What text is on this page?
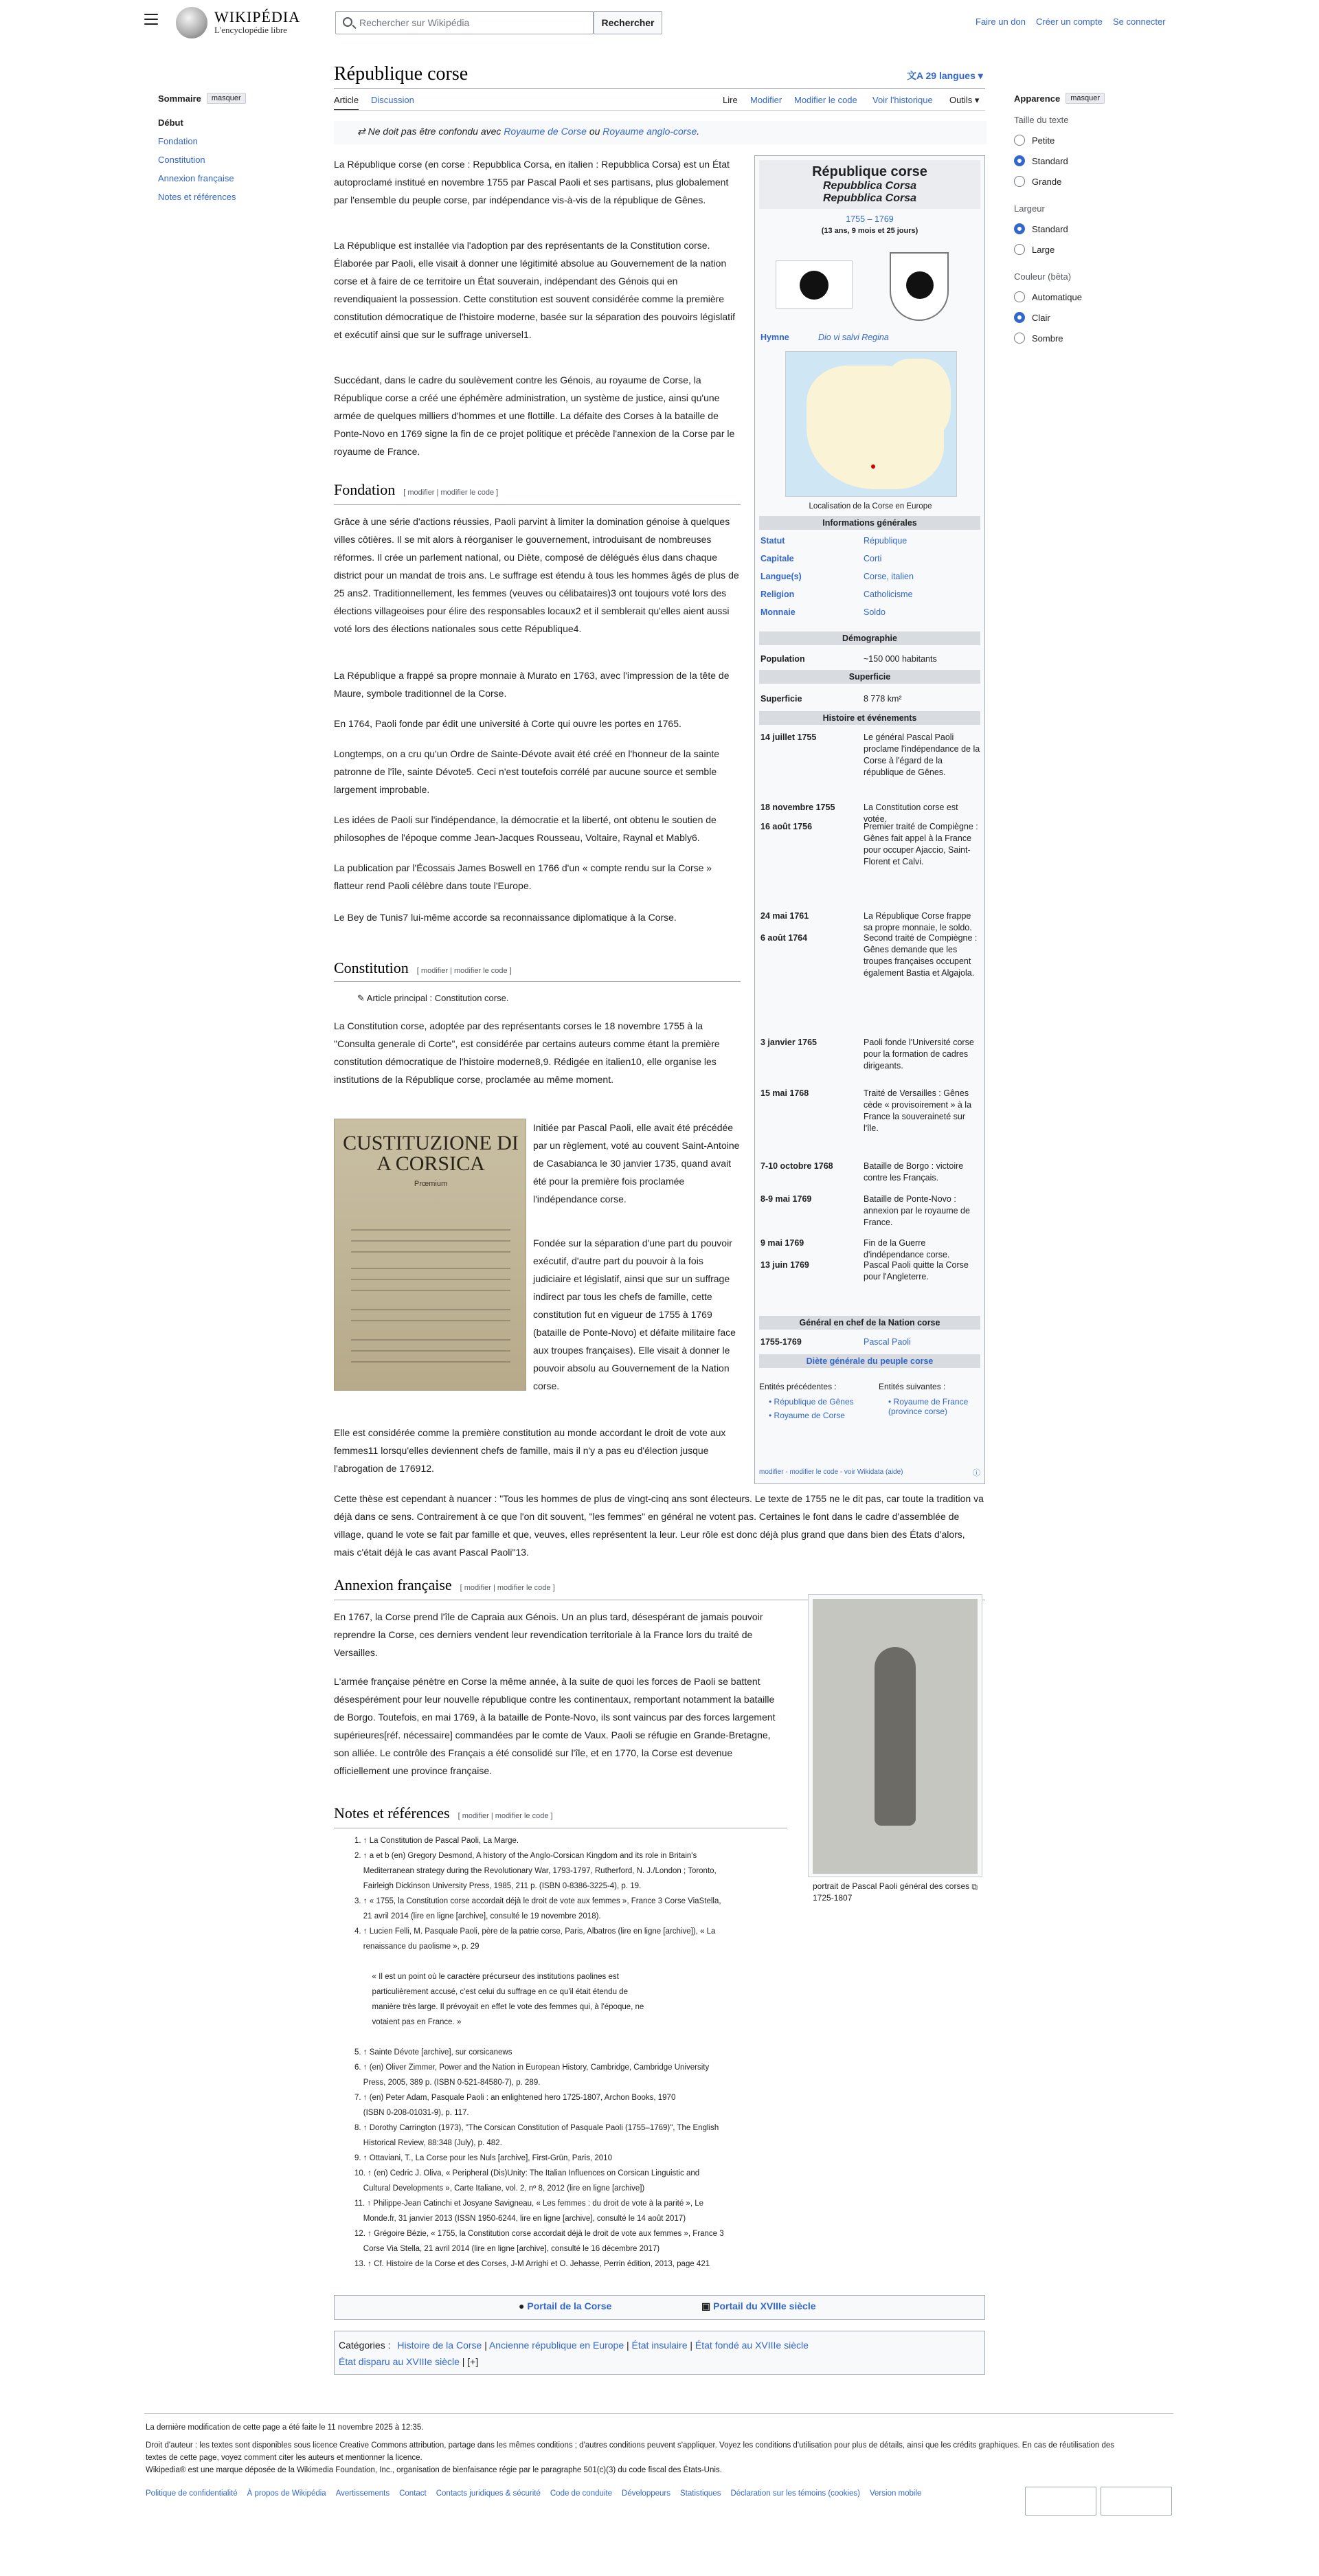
WIKIPÉDIA
L'encyclopédie libre
Rechercher sur Wikipédia	Rechercher	Faire un don Créer un compte Se connecter
Sommaire	masquer
Début
Fondation
Constitution
Annexion française
Notes et références
Apparence	masquer
Taille du texte
Petite
Standard
Grande
Largeur
Standard
Large
Couleur (bêta)
Automatique
Clair
Sombre
République corse	文A 29 langues ▾
Article Discussion	Lire Modifier Modifier le code Voir l'historique Outils ▾
⇄ Ne doit pas être confondu avec Royaume de Corse ou Royaume anglo-corse.
La République corse (en corse : Repubblica Corsa, en italien : Repubblica Corsa) est un État autoproclamé institué en novembre 1755 par Pascal Paoli et ses partisans, plus globalement par l'ensemble du peuple corse, par indépendance vis-à-vis de la république de Gênes.
La République est installée via l'adoption par des représentants de la Constitution corse. Élaborée par Paoli, elle visait à donner une légitimité absolue au Gouvernement de la nation corse et à faire de ce territoire un État souverain, indépendant des Génois qui en revendiquaient la possession. Cette constitution est souvent considérée comme la première constitution démocratique de l'histoire moderne, basée sur la séparation des pouvoirs législatif et exécutif ainsi que sur le suffrage universel1.
Succédant, dans le cadre du soulèvement contre les Génois, au royaume de Corse, la République corse a créé une éphémère administration, un système de justice, ainsi qu'une armée de quelques milliers d'hommes et une flottille. La défaite des Corses à la bataille de Ponte-Novo en 1769 signe la fin de ce projet politique et précède l'annexion de la Corse par le royaume de France.
Fondation [ modifier | modifier le code ]
Grâce à une série d'actions réussies, Paoli parvint à limiter la domination génoise à quelques villes côtières. Il se mit alors à réorganiser le gouvernement, introduisant de nombreuses réformes. Il crée un parlement national, ou Diète, composé de délégués élus dans chaque district pour un mandat de trois ans. Le suffrage est étendu à tous les hommes âgés de plus de 25 ans2. Traditionnellement, les femmes (veuves ou célibataires)3 ont toujours voté lors des élections villageoises pour élire des responsables locaux2 et il semblerait qu'elles aient aussi voté lors des élections nationales sous cette République4.
La République a frappé sa propre monnaie à Murato en 1763, avec l'impression de la tête de Maure, symbole traditionnel de la Corse.
En 1764, Paoli fonde par édit une université à Corte qui ouvre les portes en 1765.
Longtemps, on a cru qu'un Ordre de Sainte-Dévote avait été créé en l'honneur de la sainte patronne de l'île, sainte Dévote5. Ceci n'est toutefois corrélé par aucune source et semble largement improbable.
Les idées de Paoli sur l'indépendance, la démocratie et la liberté, ont obtenu le soutien de philosophes de l'époque comme Jean-Jacques Rousseau, Voltaire, Raynal et Mably6.
La publication par l'Écossais James Boswell en 1766 d'un « compte rendu sur la Corse » flatteur rend Paoli célèbre dans toute l'Europe.
Le Bey de Tunis7 lui-même accorde sa reconnaissance diplomatique à la Corse.
Constitution [ modifier | modifier le code ]
✎ Article principal : Constitution corse.
La Constitution corse, adoptée par des représentants corses le 18 novembre 1755 à la "Consulta generale di Corte", est considérée par certains auteurs comme étant la première constitution démocratique de l'histoire moderne8,9. Rédigée en italien10, elle organise les institutions de la République corse, proclamée au même moment.
CUSTITUZIONE DI A CORSICA
Prœmium
Initiée par Pascal Paoli, elle avait été précédée par un règlement, voté au couvent Saint-Antoine de Casabianca le 30 janvier 1735, quand avait été pour la première fois proclamée l'indépendance corse.
Fondée sur la séparation d'une part du pouvoir exécutif, d'autre part du pouvoir à la fois judiciaire et législatif, ainsi que sur un suffrage indirect par tous les chefs de famille, cette constitution fut en vigueur de 1755 à 1769 (bataille de Ponte-Novo) et défaite militaire face aux troupes françaises). Elle visait à donner le pouvoir absolu au Gouvernement de la Nation corse.
Elle est considérée comme la première constitution au monde accordant le droit de vote aux femmes11 lorsqu'elles deviennent chefs de famille, mais il n'y a pas eu d'élection jusque l'abrogation de 176912.
Cette thèse est cependant à nuancer : "Tous les hommes de plus de vingt-cinq ans sont électeurs. Le texte de 1755 ne le dit pas, car toute la tradition va déjà dans ce sens. Contrairement à ce que l'on dit souvent, "les femmes" en général ne votent pas. Certaines le font dans le cadre d'assemblée de village, quand le vote se fait par famille et que, veuves, elles représentent la leur. Leur rôle est donc déjà plus grand que dans bien des États d'alors, mais c'était déjà le cas avant Pascal Paoli"13.
Annexion française [ modifier | modifier le code ]
En 1767, la Corse prend l'île de Capraia aux Génois. Un an plus tard, désespérant de jamais pouvoir reprendre la Corse, ces derniers vendent leur revendication territoriale à la France lors du traité de Versailles.
L'armée française pénètre en Corse la même année, à la suite de quoi les forces de Paoli se battent désespérément pour leur nouvelle république contre les continentaux, remportant notamment la bataille de Borgo. Toutefois, en mai 1769, à la bataille de Ponte-Novo, ils sont vaincus par des forces largement supérieures[réf. nécessaire] commandées par le comte de Vaux. Paoli se réfugie en Grande-Bretagne, son alliée. Le contrôle des Français a été consolidé sur l'île, et en 1770, la Corse est devenue officiellement une province française.
portrait de Pascal Paoli général des corses 1725-1807
⧉
Notes et références [ modifier | modifier le code ]
1. ↑ La Constitution de Pascal Paoli, La Marge.
2. ↑ a et b (en) Gregory Desmond, A history of the Anglo-Corsican Kingdom and its role in Britain's
Mediterranean strategy during the Revolutionary War, 1793-1797, Rutherford, N. J./London ; Toronto,
Fairleigh Dickinson University Press, 1985, 211 p. (ISBN 0-8386-3225-4), p. 19.
3. ↑ « 1755, la Constitution corse accordait déjà le droit de vote aux femmes », France 3 Corse ViaStella,
21 avril 2014 (lire en ligne [archive], consulté le 19 novembre 2018).
4. ↑ Lucien Felli, M. Pasquale Paoli, père de la patrie corse, Paris, Albatros (lire en ligne [archive]), « La
renaissance du paolisme », p. 29
« Il est un point où le caractère précurseur des institutions paolines est
particulièrement accusé, c'est celui du suffrage en ce qu'il était étendu de
manière très large. Il prévoyait en effet le vote des femmes qui, à l'époque, ne
votaient pas en France. »
5. ↑ Sainte Dévote [archive], sur corsicanews
6. ↑ (en) Oliver Zimmer, Power and the Nation in European History, Cambridge, Cambridge University
Press, 2005, 389 p. (ISBN 0-521-84580-7), p. 289.
7. ↑ (en) Peter Adam, Pasquale Paoli : an enlightened hero 1725-1807, Archon Books, 1970
(ISBN 0-208-01031-9), p. 117.
8. ↑ Dorothy Carrington (1973), "The Corsican Constitution of Pasquale Paoli (1755–1769)", The English
Historical Review, 88:348 (July), p. 482.
9. ↑ Ottaviani, T., La Corse pour les Nuls [archive], First-Grün, Paris, 2010
10. ↑ (en) Cedric J. Oliva, « Peripheral (Dis)Unity: The Italian Influences on Corsican Linguistic and
Cultural Developments », Carte Italiane, vol. 2, nº 8, 2012 (lire en ligne [archive])
11. ↑ Philippe-Jean Catinchi et Josyane Savigneau, « Les femmes : du droit de vote à la parité », Le
Monde.fr, 31 janvier 2013 (ISSN 1950-6244, lire en ligne [archive], consulté le 14 août 2017)
12. ↑ Grégoire Bézie, « 1755, la Constitution corse accordait déjà le droit de vote aux femmes », France 3
Corse Via Stella, 21 avril 2014 (lire en ligne [archive], consulté le 16 décembre 2017)
13. ↑ Cf. Histoire de la Corse et des Corses, J-M Arrighi et O. Jehasse, Perrin édition, 2013, page 421
● Portail de la Corse	▣ Portail du XVIIIe siècle
Catégories : Histoire de la Corse | Ancienne république en Europe | État insulaire | État fondé au XVIIIe siècle
État disparu au XVIIIe siècle | [+]
République corse
Repubblica Corsa
Repubblica Corsa
1755 – 1769
(13 ans, 9 mois et 25 jours)
Hymne	Dio vi salvi Regina
Localisation de la Corse en Europe
Informations générales
Statut	République
Capitale	Corti
Langue(s)	Corse, italien
Religion	Catholicisme
Monnaie	Soldo
Démographie
Population	~150 000 habitants
Superficie
Superficie	8 778 km²
Histoire et événements
14 juillet 1755	Le général Pascal Paoli proclame l'indépendance de la Corse à l'égard de la république de Gênes.
18 novembre 1755	La Constitution corse est votée.
16 août 1756	Premier traité de Compiègne : Gênes fait appel à la France pour occuper Ajaccio, Saint-Florent et Calvi.
24 mai 1761	La République Corse frappe sa propre monnaie, le soldo.
6 août 1764	Second traité de Compiègne : Gênes demande que les troupes françaises occupent également Bastia et Algajola.
3 janvier 1765	Paoli fonde l'Université corse pour la formation de cadres dirigeants.
15 mai 1768	Traité de Versailles : Gênes cède « provisoirement » à la France la souveraineté sur l'île.
7-10 octobre 1768	Bataille de Borgo : victoire contre les Français.
8-9 mai 1769	Bataille de Ponte-Novo : annexion par le royaume de France.
9 mai 1769	Fin de la Guerre d'indépendance corse.
13 juin 1769	Pascal Paoli quitte la Corse pour l'Angleterre.
Général en chef de la Nation corse
1755-1769	Pascal Paoli
Diète générale du peuple corse
Entités précédentes :
• République de Gênes
• Royaume de Corse
Entités suivantes :
• Royaume de France (province corse)
modifier - modifier le code - voir Wikidata (aide)	ⓘ
La dernière modification de cette page a été faite le 11 novembre 2025 à 12:35.
Droit d'auteur : les textes sont disponibles sous licence Creative Commons attribution, partage dans les mêmes conditions ; d'autres conditions peuvent s'appliquer. Voyez les conditions d'utilisation pour plus de détails, ainsi que les crédits graphiques. En cas de réutilisation des
textes de cette page, voyez comment citer les auteurs et mentionner la licence.
Wikipedia® est une marque déposée de la Wikimedia Foundation, Inc., organisation de bienfaisance régie par le paragraphe 501(c)(3) du code fiscal des États-Unis.
Politique de confidentialité À propos de Wikipédia Avertissements Contact Contacts juridiques & sécurité Code de conduite Développeurs Statistiques Déclaration sur les témoins (cookies) Version mobile
